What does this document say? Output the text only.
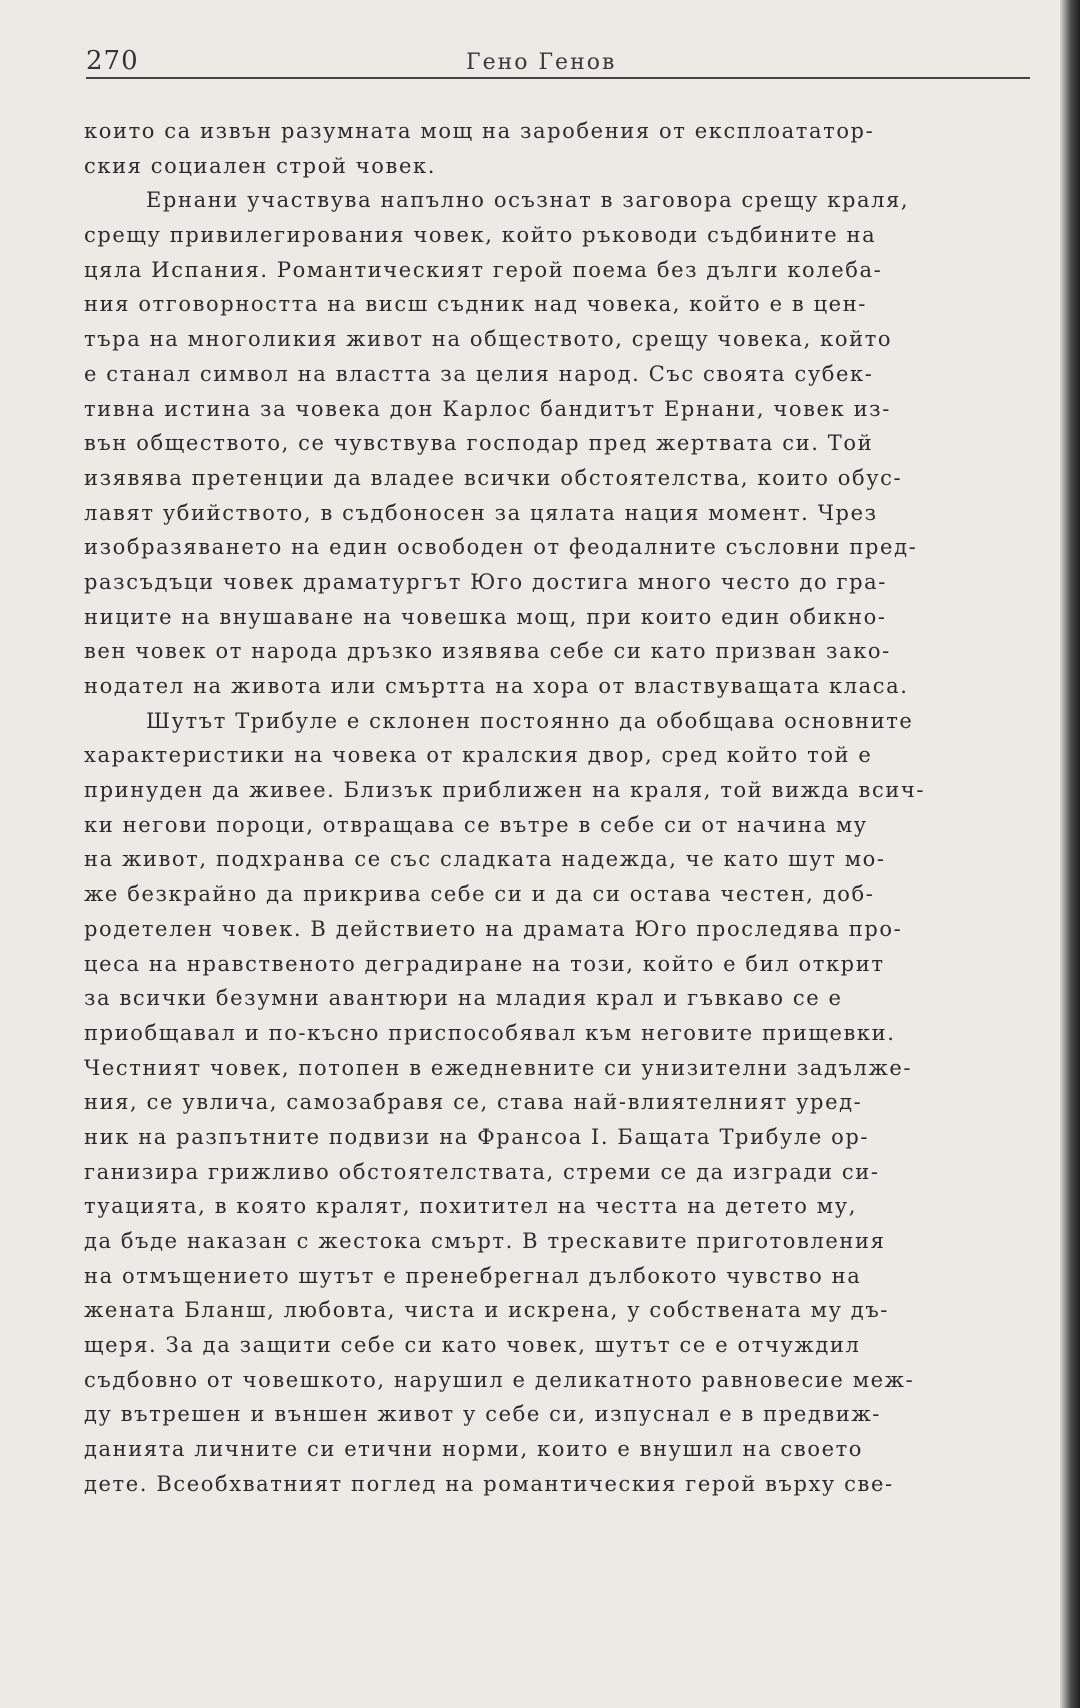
270	Гено Генов
които са извън разумната мощ на заробения от експлоататор-
ския социален строй човек.
Ернани участвува напълно осъзнат в заговора срещу краля,
срещу привилегирования човек, който ръководи съдбините на
цяла Испания. Романтическият герой поема без дълги колеба-
ния отговорността на висш съдник над човека, който е в цен-
търа на многоликия живот на обществото, срещу човека, който
е станал символ на властта за целия народ. Със своята субек-
тивна истина за човека дон Карлос бандитът Ернани, човек из-
вън обществото, се чувствува господар пред жертвата си. Той
изявява претенции да владее всички обстоятелства, които обус-
лавят убийството, в съдбоносен за цялата нация момент. Чрез
изобразяването на един освободен от феодалните съсловни пред-
разсъдъци човек драматургът Юго достига много често до гра-
ниците на внушаване на човешка мощ, при които един обикно-
вен човек от народа дръзко изявява себе си като призван зако-
нодател на живота или смъртта на хора от властвуващата класа.
Шутът Трибуле е склонен постоянно да обобщава основните
характеристики на човека от кралския двор, сред който той е
принуден да живее. Близък приближен на краля, той вижда всич-
ки негови пороци, отвращава се вътре в себе си от начина му
на живот, подхранва се със сладката надежда, че като шут мо-
же безкрайно да прикрива себе си и да си остава честен, доб-
родетелен човек. В действието на драмата Юго проследява про-
цеса на нравственото деградиране на този, който е бил открит
за всички безумни авантюри на младия крал и гъвкаво се е
приобщавал и по-късно приспособявал към неговите прищевки.
Честният човек, потопен в ежедневните си унизителни задълже-
ния, се увлича, самозабравя се, става най-влиятелният уред-
ник на разпътните подвизи на Франсоа I. Бащата Трибуле ор-
ганизира грижливо обстоятелствата, стреми се да изгради си-
туацията, в която кралят, похитител на честта на детето му,
да бъде наказан с жестока смърт. В трескавите приготовления
на отмъщението шутът е пренебрегнал дълбокото чувство на
жената Бланш, любовта, чиста и искрена, у собствената му дъ-
щеря. За да защити себе си като човек, шутът се е отчуждил
съдбовно от човешкото, нарушил е деликатното равновесие меж-
ду вътрешен и външен живот у себе си, изпуснал е в предвиж-
данията личните си етични норми, които е внушил на своето
дете. Всеобхватният поглед на романтическия герой върху све-
